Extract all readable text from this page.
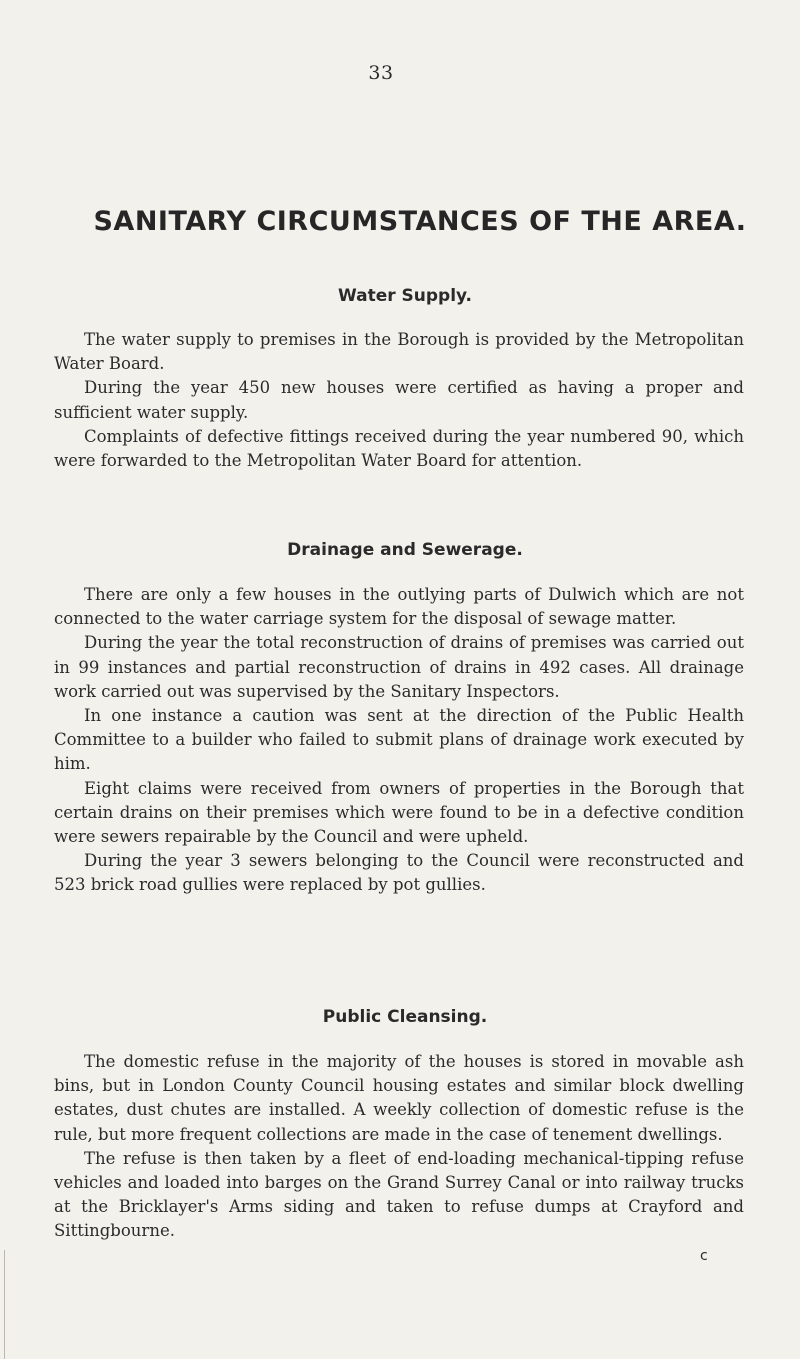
33
SANITARY CIRCUMSTANCES OF THE AREA.
Water Supply.

The water supply to premises in the Borough is provided by the Metropolitan Water Board.

During the year 450 new houses were certified as having a proper and sufficient water supply.

Complaints of defective fittings received during the year numbered 90, which were forwarded to the Metropolitan Water Board for attention.

Drainage and Sewerage.

There are only a few houses in the outlying parts of Dulwich which are not connected to the water carriage system for the disposal of sewage matter.

During the year the total reconstruction of drains of premises was carried out in 99 instances and partial reconstruction of drains in 492 cases. All drainage work carried out was supervised by the Sanitary Inspectors.

In one instance a caution was sent at the direction of the Public Health Committee to a builder who failed to submit plans of drainage work executed by him.

Eight claims were received from owners of properties in the Borough that certain drains on their premises which were found to be in a defective condition were sewers repairable by the Council and were upheld.

During the year 3 sewers belonging to the Council were reconstructed and 523 brick road gullies were replaced by pot gullies.

Public Cleansing.

The domestic refuse in the majority of the houses is stored in movable ash bins, but in London County Council housing estates and similar block dwelling estates, dust chutes are installed. A weekly collection of domestic refuse is the rule, but more frequent collections are made in the case of tenement dwellings.

The refuse is then taken by a fleet of end-loading mechanical-tipping refuse vehicles and loaded into barges on the Grand Surrey Canal or into railway trucks at the Bricklayer's Arms siding and taken to refuse dumps at Crayford and Sittingbourne.

c
